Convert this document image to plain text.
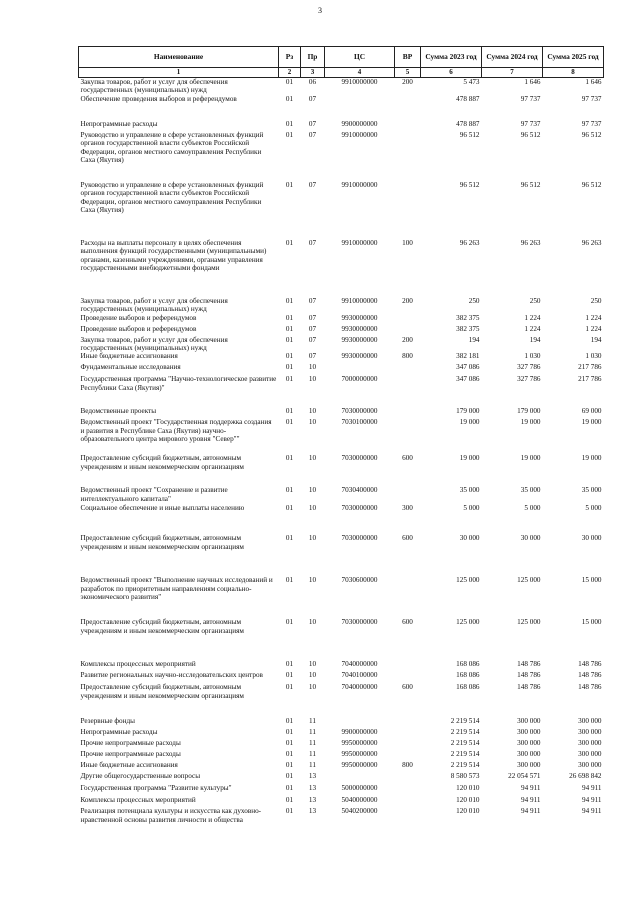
3
Наименование	Рз	Пр	ЦС	ВР	Сумма 2023 год	Сумма 2024 год	Сумма 2025 год
1	2	3	4	5	6	7	8
Закупка товаров, работ и услуг для обеспечения государственных (муниципальных) нужд	01	06	9910000000	200	5 473	1 646	1 646
Обеспечение проведения выборов и референдумов	01	07			478 887	97 737	97 737
Непрограммные расходы	01	07	9900000000		478 887	97 737	97 737
Руководство и управление в сфере установленных функций органов государственной власти субъектов Российской Федерации, органов местного самоуправления Республики Саха (Якутия)	01	07	9910000000		96 512	96 512	96 512
Руководство и управление в сфере установленных функций органов государственной власти субъектов Российской Федерации, органов местного самоуправления Республики Саха (Якутия)	01	07	9910000000		96 512	96 512	96 512
Расходы на выплаты персоналу в целях обеспечения выполнения функций государственными (муниципальными) органами, казенными учреждениями, органами управления государственными внебюджетными фондами	01	07	9910000000	100	96 263	96 263	96 263
Закупка товаров, работ и услуг для обеспечения государственных (муниципальных) нужд	01	07	9910000000	200	250	250	250
Проведение выборов и референдумов	01	07	9930000000		382 375	1 224	1 224
Проведение выборов и референдумов	01	07	9930000000		382 375	1 224	1 224
Закупка товаров, работ и услуг для обеспечения государственных (муниципальных) нужд	01	07	9930000000	200	194	194	194
Иные бюджетные ассигнования	01	07	9930000000	800	382 181	1 030	1 030
Фундаментальные исследования	01	10			347 086	327 786	217 786
Государственная программа "Научно-технологическое развитие Республики Саха (Якутия)"	01	10	7000000000		347 086	327 786	217 786
Ведомственные проекты	01	10	7030000000		179 000	179 000	69 000
Ведомственный проект "Государственная поддержка создания и развития в Республике Саха (Якутия) научно-образовательного центра мирового уровня "Север""	01	10	7030100000		19 000	19 000	19 000
Предоставление субсидий бюджетным, автономным учреждениям и иным некоммерческим организациям	01	10	7030000000	600	19 000	19 000	19 000
Ведомственный проект "Сохранение и развитие интеллектуального капитала"	01	10	7030400000		35 000	35 000	35 000
Социальное обеспечение и иные выплаты населению	01	10	7030000000	300	5 000	5 000	5 000
Предоставление субсидий бюджетным, автономным учреждениям и иным некоммерческим организациям	01	10	7030000000	600	30 000	30 000	30 000
Ведомственный проект "Выполнение научных исследований и разработок по приоритетным направлениям социально-экономического развития"	01	10	7030600000		125 000	125 000	15 000
Предоставление субсидий бюджетным, автономным учреждениям и иным некоммерческим организациям	01	10	7030000000	600	125 000	125 000	15 000
Комплексы процессных мероприятий	01	10	7040000000		168 086	148 786	148 786
Развитие региональных научно-исследовательских центров	01	10	7040100000		168 086	148 786	148 786
Предоставление субсидий бюджетным, автономным учреждениям и иным некоммерческим организациям	01	10	7040000000	600	168 086	148 786	148 786
Резервные фонды	01	11			2 219 514	300 000	300 000
Непрограммные расходы	01	11	9900000000		2 219 514	300 000	300 000
Прочие непрограммные расходы	01	11	9950000000		2 219 514	300 000	300 000
Прочие непрограммные расходы	01	11	9950000000		2 219 514	300 000	300 000
Иные бюджетные ассигнования	01	11	9950000000	800	2 219 514	300 000	300 000
Другие общегосударственные вопросы	01	13			8 580 573	22 054 571	26 698 842
Государственная программа "Развитие культуры"	01	13	5000000000		120 010	94 911	94 911
Комплексы процессных мероприятий	01	13	5040000000		120 010	94 911	94 911
Реализация потенциала культуры и искусства как духовно-нравственной основы развития личности и общества	01	13	5040200000		120 010	94 911	94 911
